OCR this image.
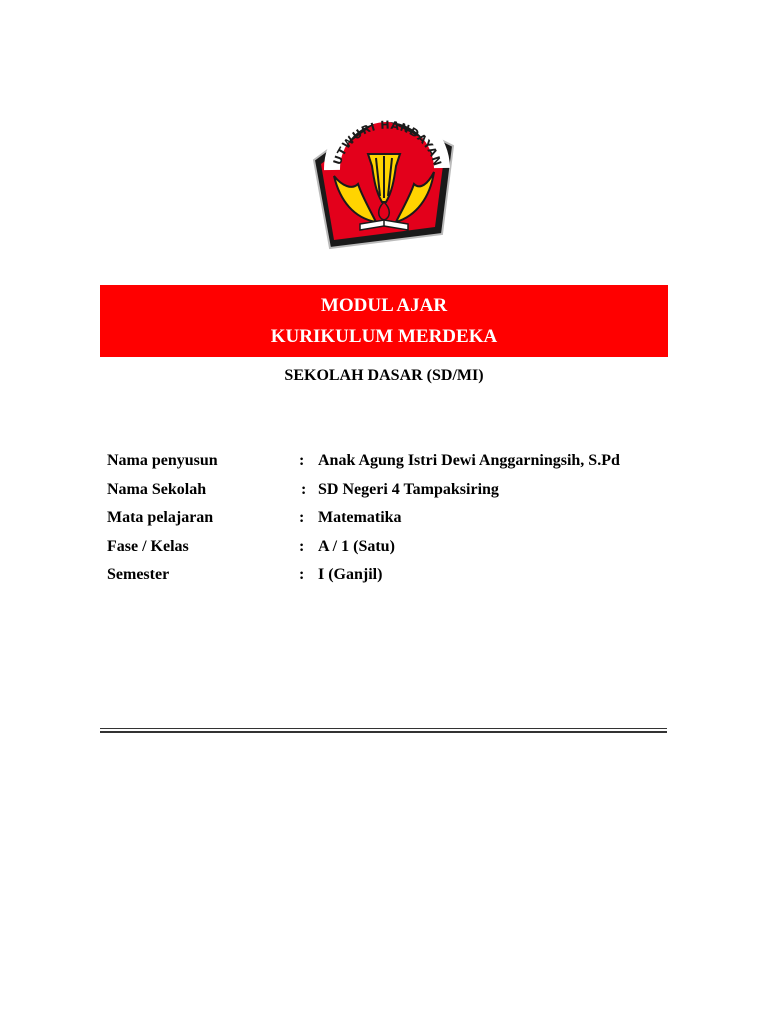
UTWURI HANDAYAN
MODUL AJAR
KURIKULUM MERDEKA
SEKOLAH DASAR (SD/MI)
Nama penyusun	: Anak Agung Istri Dewi Anggarningsih, S.Pd
Nama Sekolah	: SD Negeri 4 Tampaksiring
Mata pelajaran	: Matematika
Fase / Kelas	: A / 1 (Satu)
Semester	: I (Ganjil)
